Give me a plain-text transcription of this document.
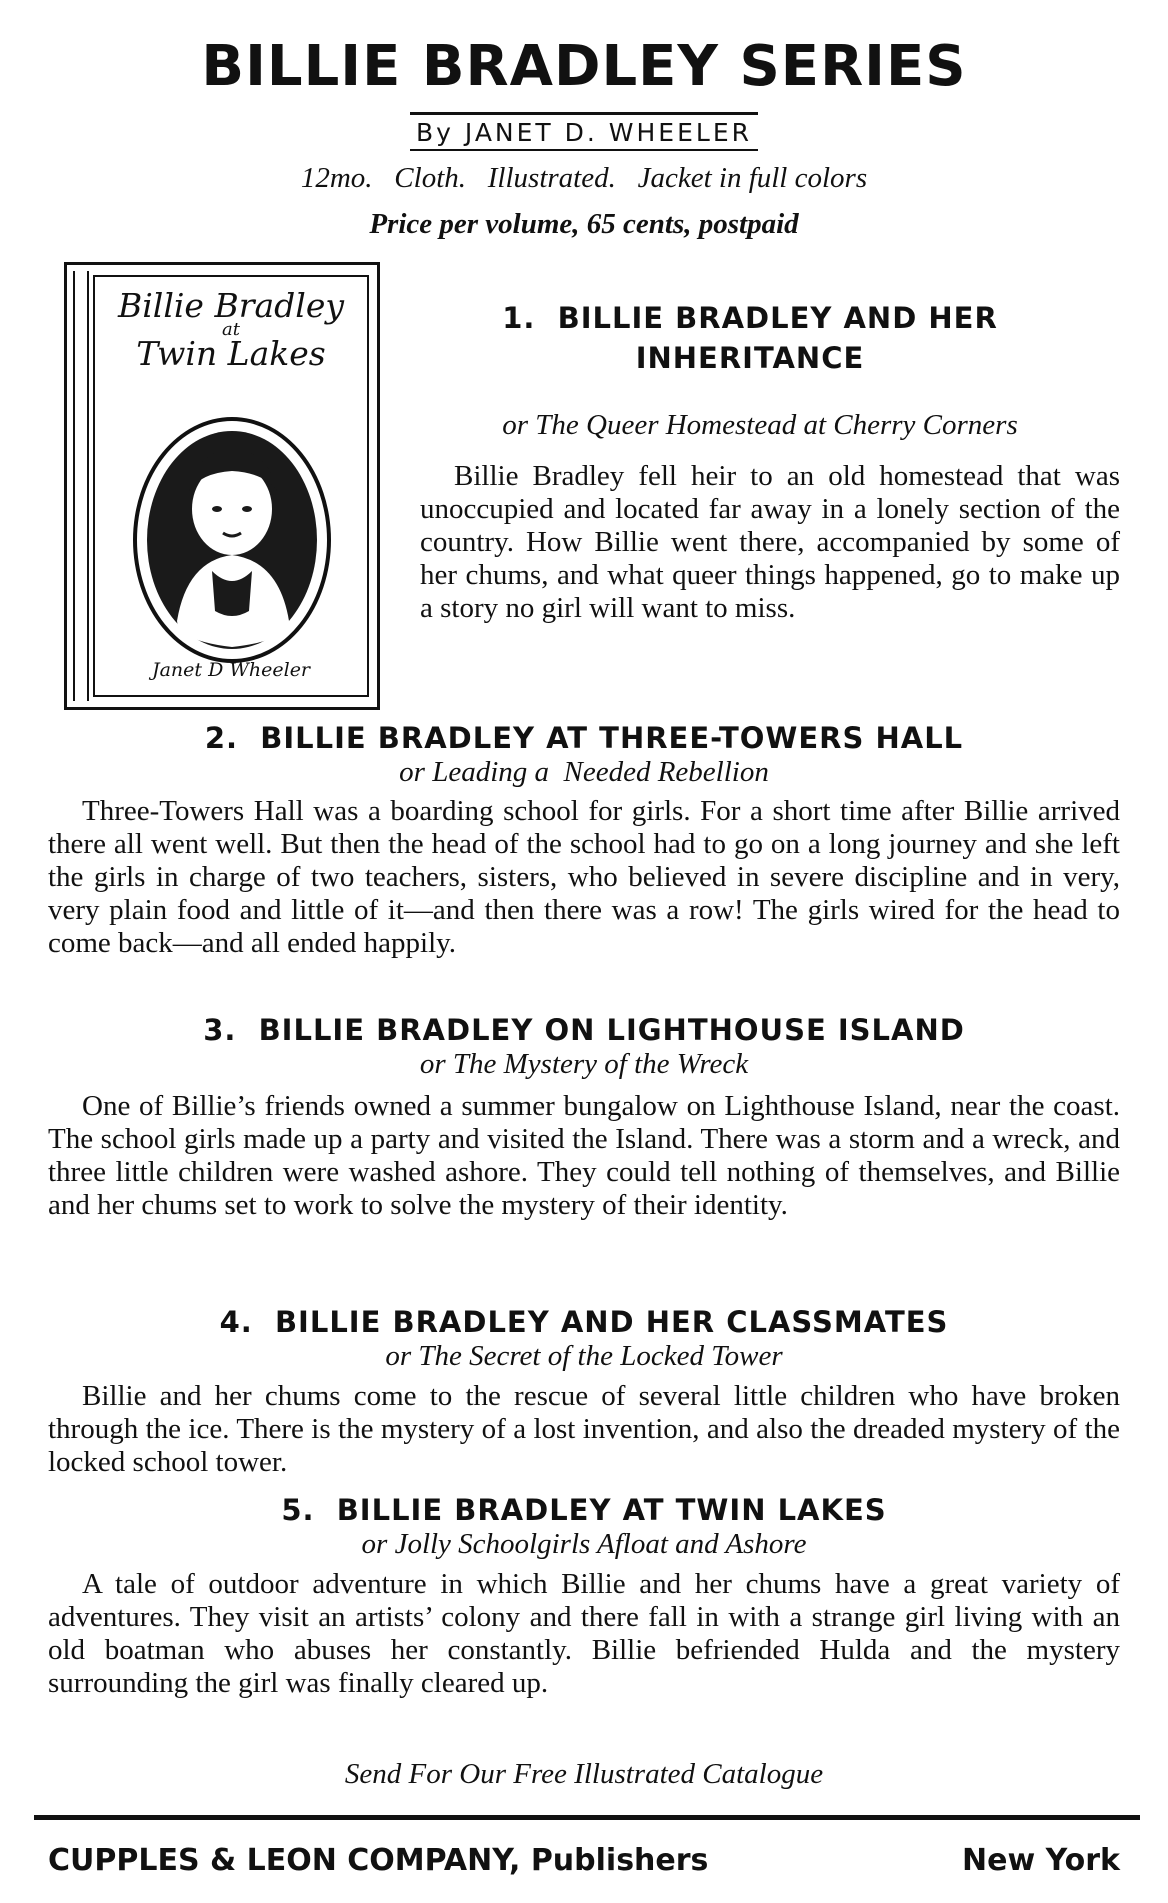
BILLIE BRADLEY SERIES
By JANET D. WHEELER
12mo.   Cloth.   Illustrated.   Jacket in full colors
Price per volume, 65 cents, postpaid
Billie Bradley
at
Twin Lakes
Janet D Wheeler
1.  BILLIE BRADLEY AND HER
INHERITANCE
or The Queer Homestead at Cherry Corners

Billie Bradley fell heir to an old homestead that was unoccupied and located far away in a lonely section of the country. How Billie went there, accompanied by some of her chums, and what queer things happened, go to make up a story no girl will want to miss.

2.  BILLIE BRADLEY AT THREE-TOWERS HALL
or Leading a  Needed Rebellion

Three-Towers Hall was a boarding school for girls. For a short time after Billie arrived there all went well. But then the head of the school had to go on a long journey and she left the girls in charge of two teachers, sisters, who believed in severe discipline and in very, very plain food and little of it—and then there was a row! The girls wired for the head to come back—and all ended happily.

3.  BILLIE BRADLEY ON LIGHTHOUSE ISLAND
or The Mystery of the Wreck

One of Billie’s friends owned a summer bungalow on Lighthouse Island, near the coast. The school girls made up a party and visited the Island. There was a storm and a wreck, and three little children were washed ashore. They could tell nothing of themselves, and Billie and her chums set to work to solve the mystery of their identity.

4.  BILLIE BRADLEY AND HER CLASSMATES
or The Secret of the Locked Tower

Billie and her chums come to the rescue of several little children who have broken through the ice. There is the mystery of a lost invention, and also the dreaded mystery of the locked school tower.

5.  BILLIE BRADLEY AT TWIN LAKES
or Jolly Schoolgirls Afloat and Ashore

A tale of outdoor adventure in which Billie and her chums have a great variety of adventures. They visit an artists’ colony and there fall in with a strange girl living with an old boatman who abuses her constantly. Billie befriended Hulda and the mystery surrounding the girl was finally cleared up.

Send For Our Free Illustrated Catalogue
CUPPLES & LEON COMPANY, Publishers	New York
